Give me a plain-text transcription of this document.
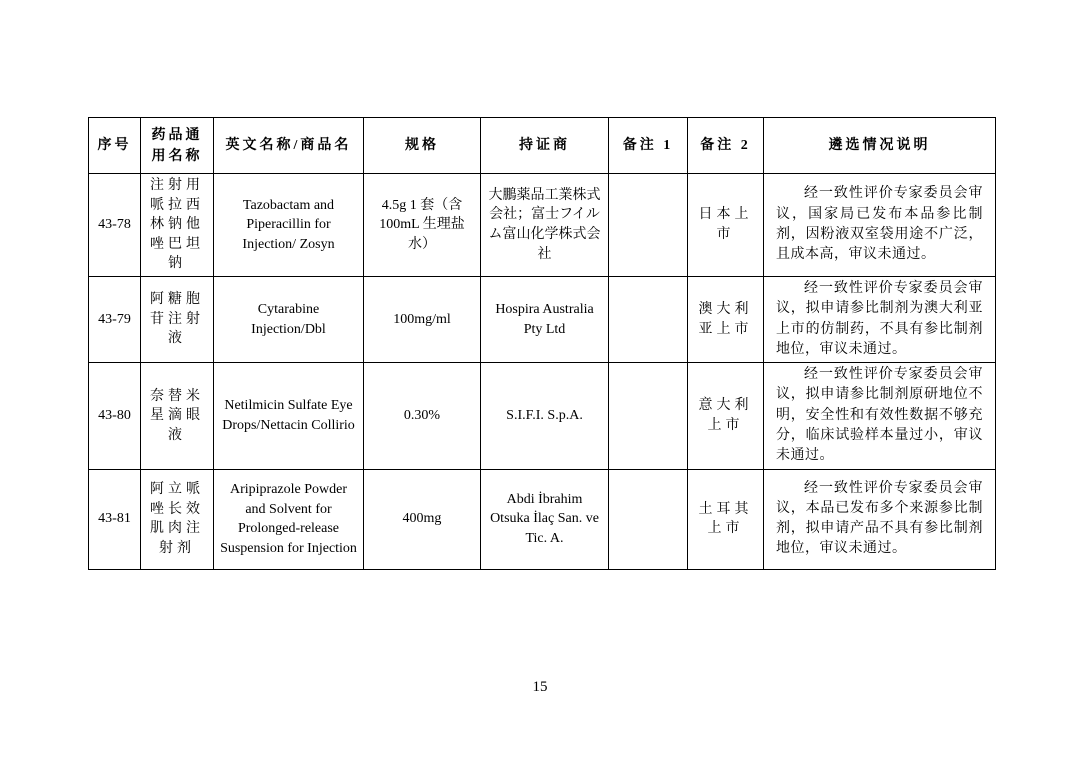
序号	药品通用名称	英文名称/商品名	规格	持证商	备注 1	备注 2	遴选情况说明
43-78	注射用哌拉西林钠他唑巴坦钠	Tazobactam and Piperacillin for Injection/ Zosyn	4.5g 1 套（含 100mL 生理盐水）	大鵬薬品工業株式会社；富士フイルム富山化学株式会社		日本上市	经一致性评价专家委员会审议，国家局已发布本品参比制剂，因粉液双室袋用途不广泛，且成本高，审议未通过。
43-79	阿糖胞苷注射液	Cytarabine Injection/Dbl	100mg/ml	Hospira Australia Pty Ltd		澳大利亚上市	经一致性评价专家委员会审议，拟申请参比制剂为澳大利亚上市的仿制药，不具有参比制剂地位，审议未通过。
43-80	奈替米星滴眼液	Netilmicin Sulfate Eye Drops/Nettacin Collirio	0.30%	S.I.F.I. S.p.A.		意大利上市	经一致性评价专家委员会审议，拟申请参比制剂原研地位不明，安全性和有效性数据不够充分，临床试验样本量过小，审议未通过。
43-81	阿立哌唑长效肌肉注射剂	Aripiprazole Powder and Solvent for Prolonged-release Suspension for Injection	400mg	Abdi İbrahim Otsuka İlaç San. ve Tic. A.		土耳其上市	经一致性评价专家委员会审议，本品已发布多个来源参比制剂，拟申请产品不具有参比制剂地位，审议未通过。
15
